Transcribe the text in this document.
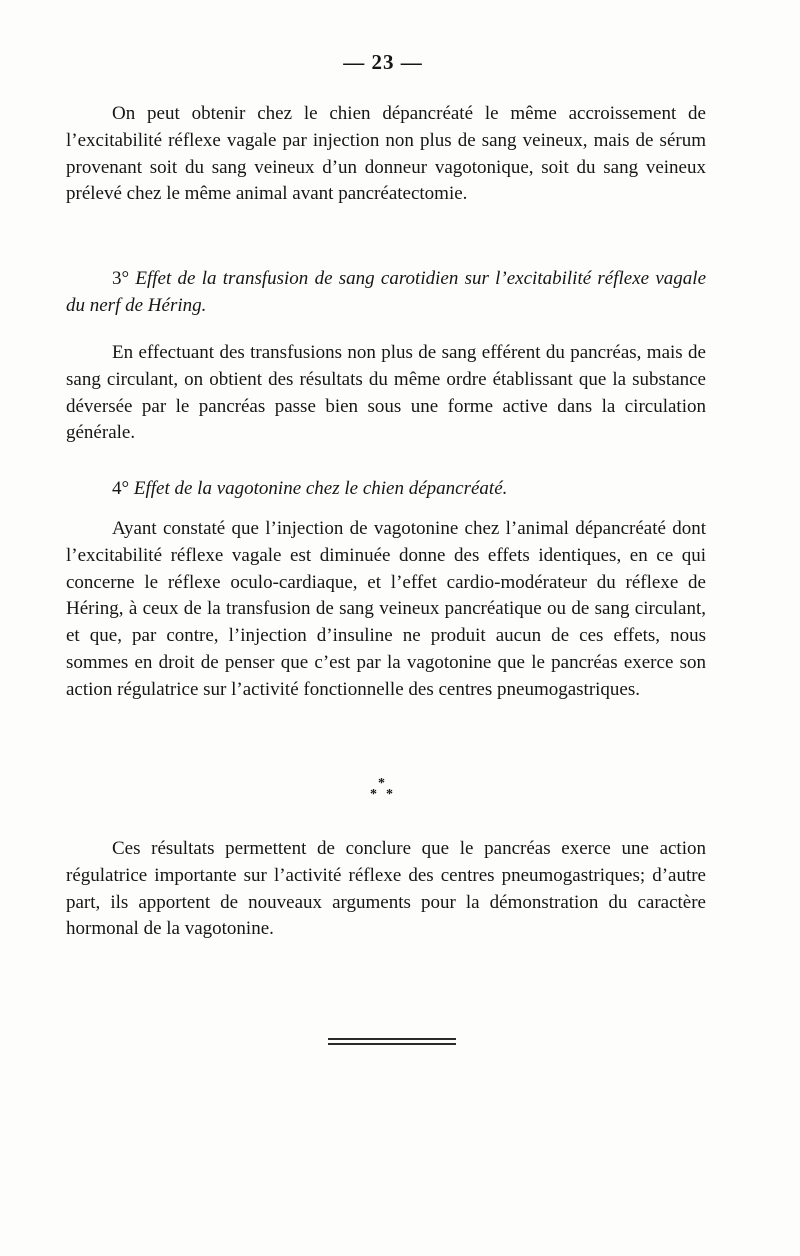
— 23 —

On peut obtenir chez le chien dépancréaté le même accroissement de l’excitabilité réflexe vagale par injection non plus de sang veineux, mais de sérum provenant soit du sang veineux d’un donneur vagotonique, soit du sang veineux prélevé chez le même animal avant pancréatectomie.

3° Effet de la transfusion de sang carotidien sur l’excitabilité réflexe vagale du nerf de Héring.

En effectuant des transfusions non plus de sang efférent du pancréas, mais de sang circulant, on obtient des résultats du même ordre établissant que la substance déversée par le pancréas passe bien sous une forme active dans la circulation générale.

4° Effet de la vagotonine chez le chien dépancréaté.

Ayant constaté que l’injection de vagotonine chez l’animal dépancréaté dont l’excitabilité réflexe vagale est diminuée donne des effets identiques, en ce qui concerne le réflexe oculo-cardiaque, et l’effet cardio-modérateur du réflexe de Héring, à ceux de la transfusion de sang veineux pancréatique ou de sang circulant, et que, par contre, l’injection d’insuline ne produit aucun de ces effets, nous sommes en droit de penser que c’est par la vagotonine que le pancréas exerce son action régulatrice sur l’activité fonctionnelle des centres pneumogastriques.

*
* *

Ces résultats permettent de conclure que le pancréas exerce une action régulatrice importante sur l’activité réflexe des centres pneumogastriques; d’autre part, ils apportent de nouveaux arguments pour la démonstration du caractère hormonal de la vagotonine.
